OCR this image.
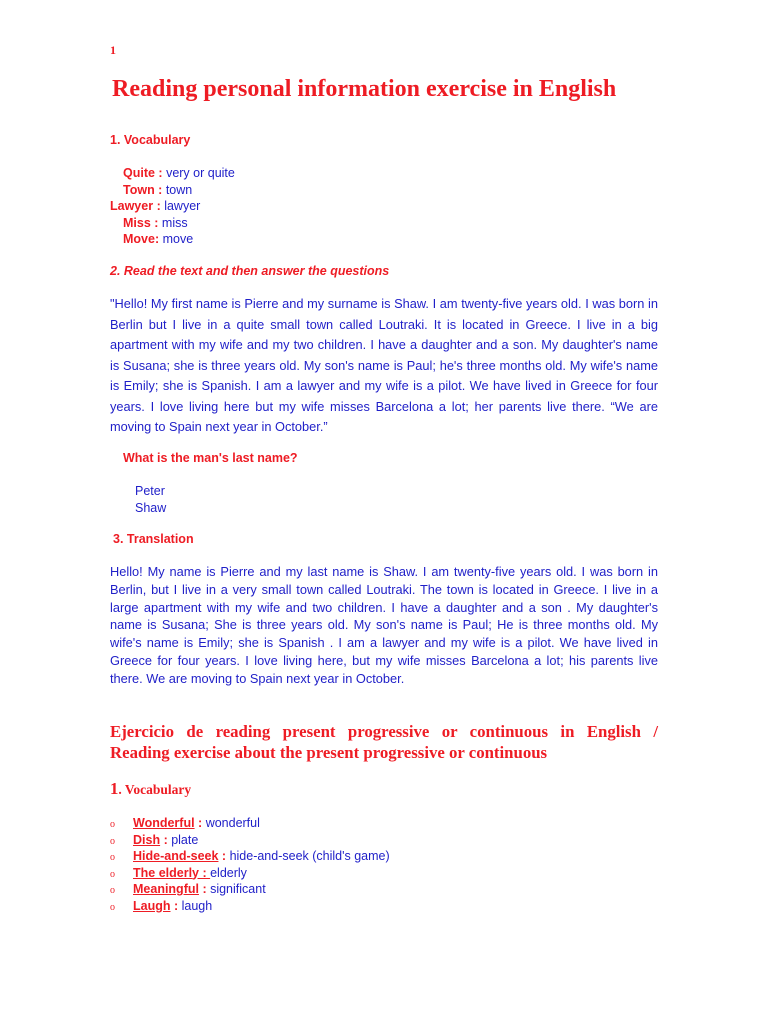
1
Reading personal information exercise in English
1. Vocabulary
Quite : very or quite
Town : town
Lawyer : lawyer
Miss : miss
Move: move
2. Read the text and then answer the questions
"Hello! My first name is Pierre and my surname is Shaw. I am twenty-five years old. I was born in Berlin but I live in a quite small town called Loutraki. It is located in Greece. I live in a big apartment with my wife and my two children. I have a daughter and a son. My daughter's name is Susana; she is three years old. My son's name is Paul; he's three months old. My wife's name is Emily; she is Spanish. I am a lawyer and my wife is a pilot. We have lived in Greece for four years. I love living here but my wife misses Barcelona a lot; her parents live there. “We are moving to Spain next year in October.”
What is the man's last name?
Peter
Shaw
3. Translation
Hello! My name is Pierre and my last name is Shaw. I am twenty-five years old. I was born in Berlin, but I live in a very small town called Loutraki. The town is located in Greece. I live in a large apartment with my wife and two children. I have a daughter and a son . My daughter's name is Susana; She is three years old. My son's name is Paul; He is three months old. My wife's name is Emily; she is Spanish . I am a lawyer and my wife is a pilot. We have lived in Greece for four years. I love living here, but my wife misses Barcelona a lot; his parents live there. We are moving to Spain next year in October.
Ejercicio de reading present progressive or continuous in English /
Reading exercise about the present progressive or continuous
1. Vocabulary
o Wonderful : wonderful
o Dish : plate
o Hide-and-seek : hide-and-seek (child's game)
o The elderly : elderly
o Meaningful : significant
o Laugh : laugh
